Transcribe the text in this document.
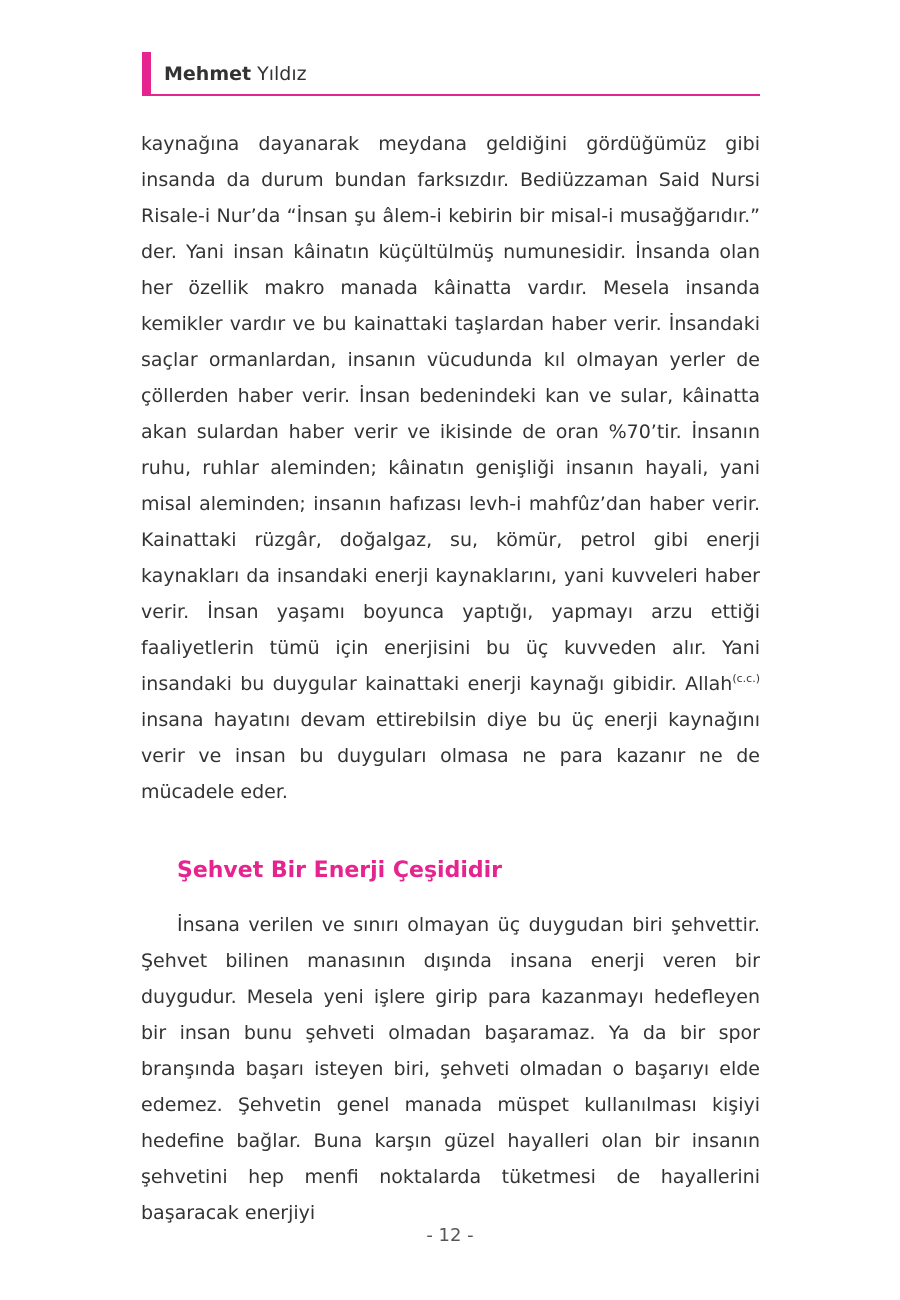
Mehmet Yıldız

kaynağına dayanarak meydana geldiğini gördüğümüz gibi insanda da durum bundan farksızdır. Bediüzzaman Said Nursi Risale-i Nur’da “İnsan şu âlem-i kebirin bir misal-i musağğarıdır.” der. Yani insan kâinatın küçültülmüş numunesidir. İnsanda olan her özellik makro manada kâinatta vardır. Mesela insanda kemikler vardır ve bu kainattaki taşlardan haber verir. İnsandaki saçlar ormanlardan, insanın vücudunda kıl olmayan yerler de çöllerden haber verir. İnsan bedenindeki kan ve sular, kâinatta akan sulardan haber verir ve ikisinde de oran %70’tir. İnsanın ruhu, ruhlar aleminden; kâinatın genişliği insanın hayali, yani misal aleminden; insanın hafızası levh-i mahfûz’dan haber verir. Kainattaki rüzgâr, doğalgaz, su, kömür, petrol gibi enerji kaynakları da insandaki enerji kaynaklarını, yani kuvveleri haber verir. İnsan yaşamı boyunca yaptığı, yapmayı arzu ettiği faaliyetlerin tümü için enerjisini bu üç kuvveden alır. Yani insandaki bu duygular kainattaki enerji kaynağı gibidir. Allah$^{(c.c.)}$ insana hayatını devam ettirebilsin diye bu üç enerji kaynağını verir ve insan bu duyguları olmasa ne para kazanır ne de mücadele eder.

Şehvet Bir Enerji Çeşididir

İnsana verilen ve sınırı olmayan üç duygudan biri şehvettir. Şehvet bilinen manasının dışında insana enerji veren bir duygudur. Mesela yeni işlere girip para kazanmayı hedefleyen bir insan bunu şehveti olmadan başaramaz. Ya da bir spor branşında başarı isteyen biri, şehveti olmadan o başarıyı elde edemez. Şehvetin genel manada müspet kullanılması kişiyi hedefine bağlar. Buna karşın güzel hayalleri olan bir insanın şehvetini hep menfi noktalarda tüketmesi de hayallerini başaracak enerjiyi

- 12 -
